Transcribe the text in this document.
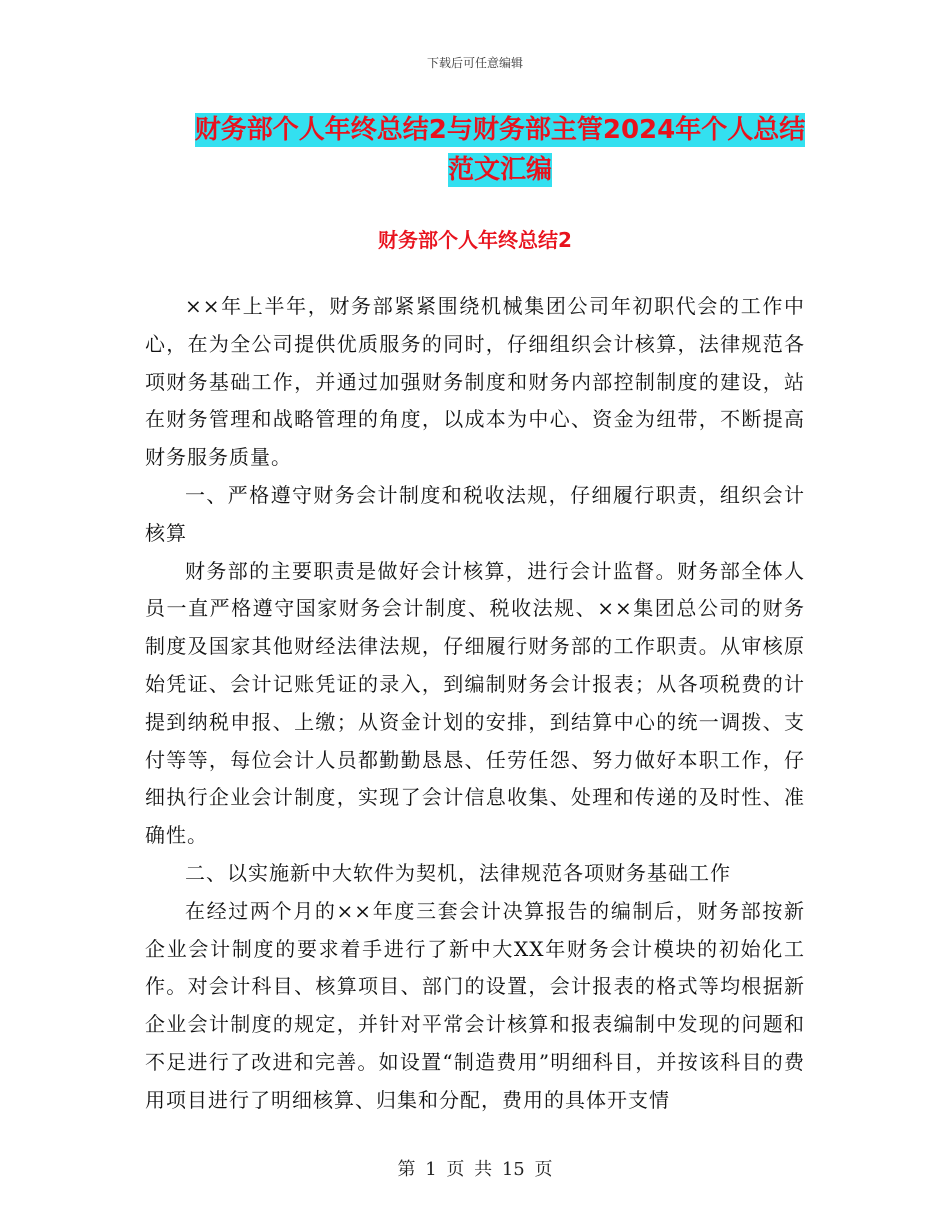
下载后可任意编辑
财务部个人年终总结2与财务部主管2024年个人总结
范文汇编
财务部个人年终总结2

××年上半年，财务部紧紧围绕机械集团公司年初职代会的工作中心，在为全公司提供优质服务的同时，仔细组织会计核算，法律规范各项财务基础工作，并通过加强财务制度和财务内部控制制度的建设，站在财务管理和战略管理的角度，以成本为中心、资金为纽带，不断提高财务服务质量。

一、严格遵守财务会计制度和税收法规，仔细履行职责，组织会计核算

财务部的主要职责是做好会计核算，进行会计监督。财务部全体人员一直严格遵守国家财务会计制度、税收法规、××集团总公司的财务制度及国家其他财经法律法规，仔细履行财务部的工作职责。从审核原始凭证、会计记账凭证的录入，到编制财务会计报表；从各项税费的计提到纳税申报、上缴；从资金计划的安排，到结算中心的统一调拨、支付等等，每位会计人员都勤勤恳恳、任劳任怨、努力做好本职工作，仔细执行企业会计制度，实现了会计信息收集、处理和传递的及时性、准确性。

二、以实施新中大软件为契机，法律规范各项财务基础工作

在经过两个月的××年度三套会计决算报告的编制后，财务部按新企业会计制度的要求着手进行了新中大XX年财务会计模块的初始化工作。对会计科目、核算项目、部门的设置，会计报表的格式等均根据新企业会计制度的规定，并针对平常会计核算和报表编制中发现的问题和不足进行了改进和完善。如设置“制造费用”明细科目，并按该科目的费用项目进行了明细核算、归集和分配，费用的具体开支情

第 1 页 共 15 页
